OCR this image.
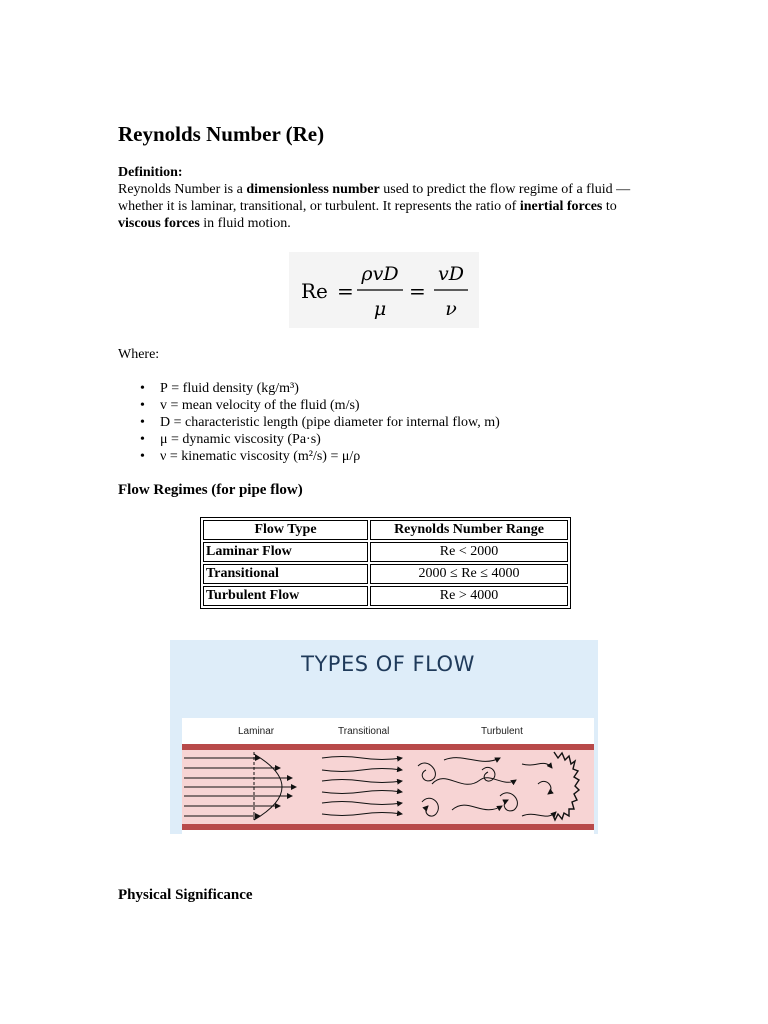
Reynolds Number (Re)
Definition:
Reynolds Number is a dimensionless number used to predict the flow regime of a fluid — whether it is laminar, transitional, or turbulent. It represents the ratio of inertial forces to viscous forces in fluid motion.
Re =
ρvD
μ
=
vD
ν
Where:
• Ρ = fluid density (kg/m³)
• v = mean velocity of the fluid (m/s)
• D = characteristic length (pipe diameter for internal flow, m)
• μ = dynamic viscosity (Pa·s)
• ν = kinematic viscosity (m²/s) = μ/ρ
Flow Regimes (for pipe flow)
Flow Type	Reynolds Number Range
Laminar Flow	Re < 2000
Transitional	2000 ≤ Re ≤ 4000
Turbulent Flow	Re > 4000
TYPES OF FLOW
Laminar	Transitional	Turbulent
Physical Significance
